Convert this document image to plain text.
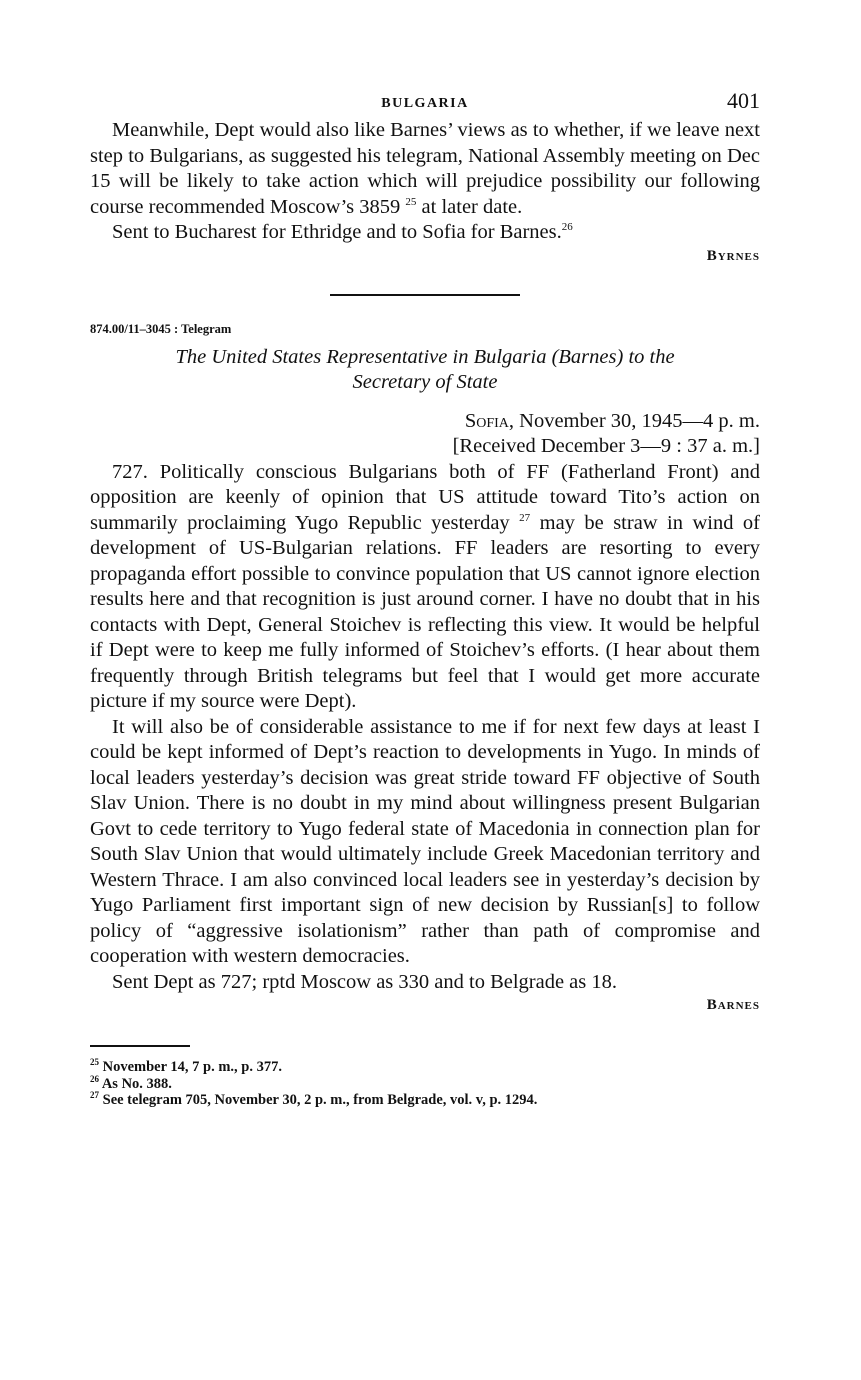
BULGARIA	401

Meanwhile, Dept would also like Barnes’ views as to whether, if we leave next step to Bulgarians, as suggested his telegram, National Assembly meeting on Dec 15 will be likely to take action which will prejudice possibility our following course recommended Moscow’s 3859 $^{25}$ at later date.

Sent to Bucharest for Ethridge and to Sofia for Barnes.$^{26}$

Byrnes
874.00/11–3045 : Telegram
The United States Representative in Bulgaria (Barnes) to the
Secretary of State
Sofia, November 30, 1945—4 p. m.
[Received December 3—9 : 37 a. m.]

727. Politically conscious Bulgarians both of FF (Fatherland Front) and opposition are keenly of opinion that US attitude toward Tito’s action on summarily proclaiming Yugo Republic yesterday $^{27}$ may be straw in wind of development of US-Bulgarian relations. FF leaders are resorting to every propaganda effort possible to convince population that US cannot ignore election results here and that recognition is just around corner. I have no doubt that in his contacts with Dept, General Stoichev is reflecting this view. It would be helpful if Dept were to keep me fully informed of Stoichev’s efforts. (I hear about them frequently through British telegrams but feel that I would get more accurate picture if my source were Dept).

It will also be of considerable assistance to me if for next few days at least I could be kept informed of Dept’s reaction to developments in Yugo. In minds of local leaders yesterday’s decision was great stride toward FF objective of South Slav Union. There is no doubt in my mind about willingness present Bulgarian Govt to cede territory to Yugo federal state of Macedonia in connection plan for South Slav Union that would ultimately include Greek Macedonian territory and Western Thrace. I am also convinced local leaders see in yesterday’s decision by Yugo Parliament first important sign of new decision by Russian[s] to follow policy of “aggressive isolationism” rather than path of compromise and cooperation with western democracies.

Sent Dept as 727; rptd Moscow as 330 and to Belgrade as 18.

Barnes

$^{25}$ November 14, 7 p. m., p. 377.

$^{26}$ As No. 388.

$^{27}$ See telegram 705, November 30, 2 p. m., from Belgrade, vol. v, p. 1294.
